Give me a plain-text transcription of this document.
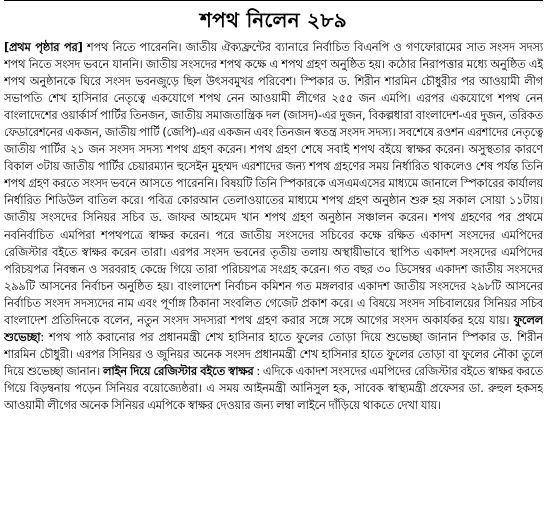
শপথ নিলেন ২৮৯
[প্রথম পৃষ্ঠার পর]

শপথ নিতে পারেননি। জাতীয় ঐক্যফ্রন্টের ব্যানারে নির্বাচিত বিএনপি ও গণফোরামের সাত সংসদ সদস্য শপথ নিতে সংসদ ভবনে যাননি। জাতীয় সংসদের শপথ কক্ষে এ শপথ গ্রহণ অনুষ্ঠিত হয়। কঠোর নিরাপত্তার মধ্যে অনুষ্ঠিত এই শপথ অনুষ্ঠানকে ঘিরে সংসদ ভবনজুড়ে ছিল উৎসবমুখর পরিবেশ। স্পিকার ড. শিরীন শারমিন চৌধুরীর পর আওয়ামী লীগ সভাপতি শেখ হাসিনার নেতৃত্বে একযোগে শপথ নেন আওয়ামী লীগের ২৫৫ জন এমপি। এরপর একযোগে শপথ নেন বাংলাদেশের ওয়ার্কার্স পার্টির তিনজন, জাতীয় সমাজতান্ত্রিক দল (জাসদ)-এর দুজন, বিকল্পধারা বাংলাদেশ-এর দুজন, তরিকত ফেডারেশনের একজন, জাতীয় পার্টি (জেপি)-এর একজন এবং তিনজন স্বতন্ত্র সংসদ সদস্য। সবশেষে রওশন এরশাদের নেতৃত্বে জাতীয় পার্টির ২১ জন সংসদ সদস্য শপথ গ্রহণ করেন। শপথ গ্রহণ শেষে সবাই শপথ বইয়ে স্বাক্ষর করেন। অসুস্থতার কারণে বিকাল ৩টায় জাতীয় পার্টির চেয়ারম্যান হুসেইন মুহম্মদ এরশাদের জন্য শপথ গ্রহণের সময় নির্ধারিত থাকলেও শেষ পর্যন্ত তিনি শপথ গ্রহণ করতে সংসদ ভবনে আসতে পারেননি। বিষয়টি তিনি স্পিকারকে এসএমএসের মাধ্যমে জানালে স্পিকারের কার্যালয় নির্ধারিত শিডিউল বাতিল করে। পবিত্র কোরআন তেলাওয়াতের মাধ্যমে শপথ গ্রহণ অনুষ্ঠান শুরু হয় সকাল সোয়া ১১টায়। জাতীয় সংসদের সিনিয়র সচিব ড. জাফর আহমেদ খান শপথ গ্রহণ অনুষ্ঠান সঞ্চালন করেন। শপথ গ্রহণের পর প্রথমে নবনির্বাচিত এমপিরা শপথপত্রে স্বাক্ষর করেন। পরে জাতীয় সংসদের সচিবের কক্ষে রক্ষিত একাদশ সংসদের এমপিদের রেজিস্টার বইতে স্বাক্ষর করেন তারা। এরপর সংসদ ভবনের তৃতীয় তলায় অস্থায়ীভাবে স্থাপিত একাদশ সংসদের এমপিদের পরিচয়পত্র নিবন্ধন ও সরবরাহ কেন্দ্রে গিয়ে তারা পরিচয়পত্র সংগ্রহ করেন। গত বছর ৩০ ডিসেম্বর একাদশ জাতীয় সংসদের ২৯৯টি আসনের নির্বাচন অনুষ্ঠিত হয়। বাংলাদেশ নির্বাচন কমিশন গত মঙ্গলবার একাদশ জাতীয় সংসদের ২৯৮টি আসনের নির্বাচিত সংসদ সদস্যদের নাম এবং পূর্ণাঙ্গ ঠিকানা সংবলিত গেজেট প্রকাশ করে। এ বিষয়ে সংসদ সচিবালয়ের সিনিয়র সচিব বাংলাদেশ প্রতিদিনকে বলেন, নতুন সংসদ সদস্যরা শপথ গ্রহণ করার সঙ্গে সঙ্গে আগের সংসদ অকার্যকর হয়ে যায়।

ফুলেল শুভেচ্ছা

: শপথ পাঠ করানোর পর প্রধানমন্ত্রী শেখ হাসিনার হাতে ফুলের তোড়া দিয়ে শুভেচ্ছা জানান স্পিকার ড. শিরীন শারমিন চৌধুরী। এরপর সিনিয়র ও জুনিয়র অনেক সংসদ প্রধানমন্ত্রী শেখ হাসিনার হাতে ফুলের তোড়া বা ফুলের নৌকা তুলে দিয়ে শুভেচ্ছা জানান।

লাইন দিয়ে রেজিস্টার বইতে স্বাক্ষর

: এদিকে একাদশ সংসদের এমপিদের রেজিস্টার বইতে স্বাক্ষর করতে গিয়ে বিড়ম্বনায় পড়েন সিনিয়র বয়োজ্যেষ্ঠরা। এ সময় আইনমন্ত্রী আনিসুল হক, সাবেক স্বাস্থ্যমন্ত্রী প্রফেসর ডা. রুহুল হকসহ আওয়ামী লীগের অনেক সিনিয়র এমপিকে স্বাক্ষর দেওয়ার জন্য লম্বা লাইনে দাঁড়িয়ে থাকতে দেখা যায়।
